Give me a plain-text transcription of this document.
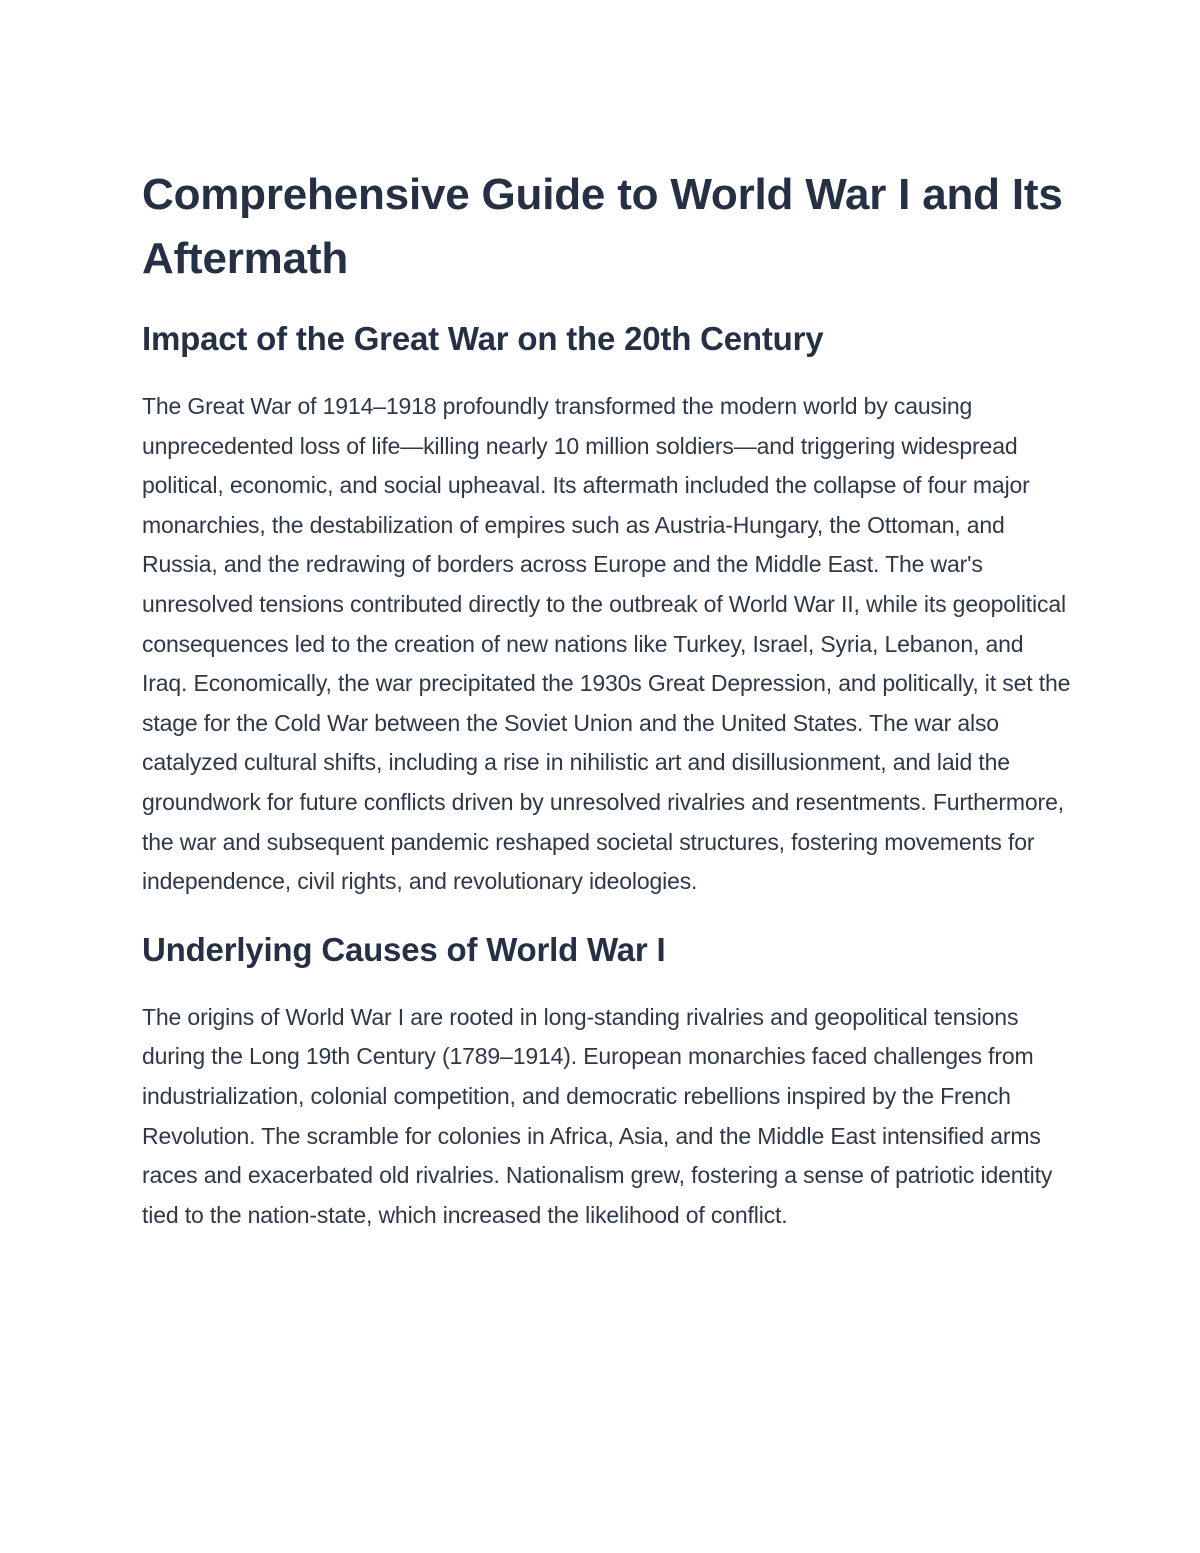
Comprehensive Guide to World War I and Its Aftermath
Impact of the Great War on the 20th Century

The Great War of 1914–1918 profoundly transformed the modern world by causing unprecedented loss of life—killing nearly 10 million soldiers—and triggering widespread political, economic, and social upheaval. Its aftermath included the collapse of four major monarchies, the destabilization of empires such as Austria-Hungary, the Ottoman, and Russia, and the redrawing of borders across Europe and the Middle East. The war's unresolved tensions contributed directly to the outbreak of World War II, while its geopolitical consequences led to the creation of new nations like Turkey, Israel, Syria, Lebanon, and Iraq. Economically, the war precipitated the 1930s Great Depression, and politically, it set the stage for the Cold War between the Soviet Union and the United States. The war also catalyzed cultural shifts, including a rise in nihilistic art and disillusionment, and laid the groundwork for future conflicts driven by unresolved rivalries and resentments. Furthermore, the war and subsequent pandemic reshaped societal structures, fostering movements for independence, civil rights, and revolutionary ideologies.

Underlying Causes of World War I

The origins of World War I are rooted in long-standing rivalries and geopolitical tensions during the Long 19th Century (1789–1914). European monarchies faced challenges from industrialization, colonial competition, and democratic rebellions inspired by the French Revolution. The scramble for colonies in Africa, Asia, and the Middle East intensified arms races and exacerbated old rivalries. Nationalism grew, fostering a sense of patriotic identity tied to the nation-state, which increased the likelihood of conflict.
